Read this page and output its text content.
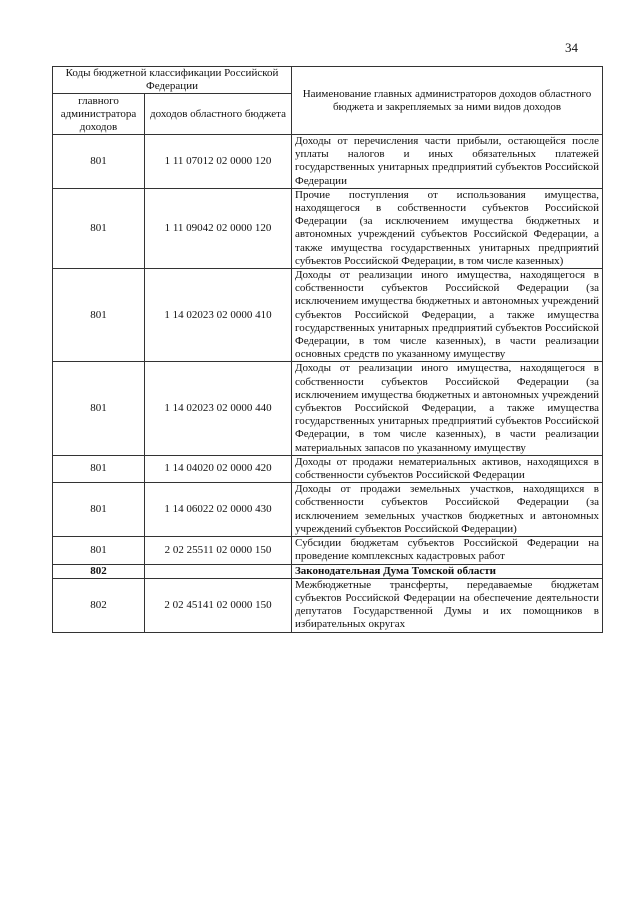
34
Коды бюджетной классификации Российской Федерации		Наименование главных администраторов доходов областного бюджета и закрепляемых за ними видов доходов
главного администратора доходов	доходов областного бюджета	
801	1 11 07012 02 0000 120	Доходы от перечисления части прибыли, остающейся после уплаты налогов и иных обязательных платежей государственных унитарных предприятий субъектов Российской Федерации
801	1 11 09042 02 0000 120	Прочие поступления от использования имущества, находящегося в собственности субъектов Российской Федерации (за исключением имущества бюджетных и автономных учреждений субъектов Российской Федерации, а также имущества государственных унитарных предприятий субъектов Российской Федерации, в том числе казенных)
801	1 14 02023 02 0000 410	Доходы от реализации иного имущества, находящегося в собственности субъектов Российской Федерации (за исключением имущества бюджетных и автономных учреждений субъектов Российской Федерации, а также имущества государственных унитарных предприятий субъектов Российской Федерации, в том числе казенных), в части реализации основных средств по указанному имуществу
801	1 14 02023 02 0000 440	Доходы от реализации иного имущества, находящегося в собственности субъектов Российской Федерации (за исключением имущества бюджетных и автономных учреждений субъектов Российской Федерации, а также имущества государственных унитарных предприятий субъектов Российской Федерации, в том числе казенных), в части реализации материальных запасов по указанному имуществу
801	1 14 04020 02 0000 420	Доходы от продажи нематериальных активов, находящихся в собственности субъектов Российской Федерации
801	1 14 06022 02 0000 430	Доходы от продажи земельных участков, находящихся в собственности субъектов Российской Федерации (за исключением земельных участков бюджетных и автономных учреждений субъектов Российской Федерации)
801	2 02 25511 02 0000 150	Субсидии бюджетам субъектов Российской Федерации на проведение комплексных кадастровых работ
802		Законодательная Дума Томской области
802	2 02 45141 02 0000 150	Межбюджетные трансферты, передаваемые бюджетам субъектов Российской Федерации на обеспечение деятельности депутатов Государственной Думы и их помощников в избирательных округах
